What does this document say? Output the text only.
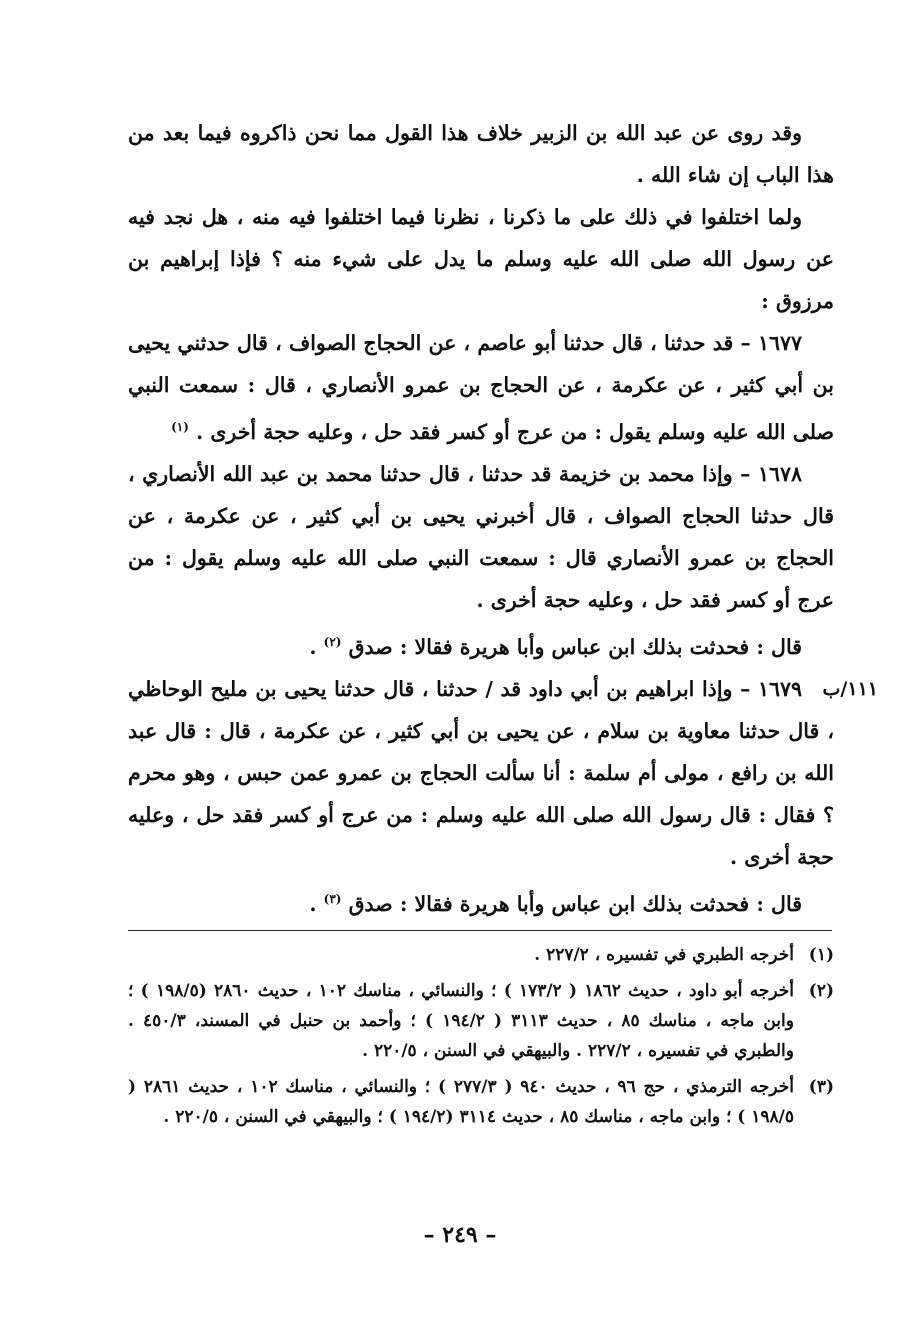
وقد روى عن عبد الله بن الزبير خلاف هذا القول مما نحن ذاكروه فيما بعد من هذا الباب إن شاء الله .

ولما اختلفوا في ذلك على ما ذكرنا ، نظرنا فيما اختلفوا فيه منه ، هل نجد فيه عن رسول الله صلى الله عليه وسلم ما يدل على شيء منه ؟ فإذا إبراهيم بن مرزوق :

١٦٧٧ – قد حدثنا ، قال حدثنا أبو عاصم ، عن الحجاج الصواف ، قال حدثني يحيى بن أبي كثير ، عن عكرمة ، عن الحجاج بن عمرو الأنصاري ، قال : سمعت النبي صلى الله عليه وسلم يقول : من عرج أو كسر فقد حل ، وعليه حجة أخرى . $^{(١)}$

١٦٧٨ – وإذا محمد بن خزيمة قد حدثنا ، قال حدثنا محمد بن عبد الله الأنصاري ، قال حدثنا الحجاج الصواف ، قال أخبرني يحيى بن أبي كثير ، عن عكرمة ، عن الحجاج بن عمرو الأنصاري قال : سمعت النبي صلى الله عليه وسلم يقول : من عرج أو كسر فقد حل ، وعليه حجة أخرى .

قال : فحدثت بذلك ابن عباس وأبا هريرة فقالا : صدق $^{(٢)}$ .

١١١/ب
١٦٧٩ – وإذا ابراهيم بن أبي داود قد / حدثنا ، قال حدثنا يحيى بن مليح الوحاظي ، قال حدثنا معاوية بن سلام ، عن يحيى بن أبي كثير ، عن عكرمة ، قال : قال عبد الله بن رافع ، مولى أم سلمة : أنا سألت الحجاج بن عمرو عمن حبس ، وهو محرم ؟ فقال : قال رسول الله صلى الله عليه وسلم : من عرج أو كسر فقد حل ، وعليه حجة أخرى .

قال : فحدثت بذلك ابن عباس وأبا هريرة فقالا : صدق $^{(٣)}$ .

(١)
أخرجه الطبري في تفسيره ، ٢٢٧/٢ .
(٢)
أخرجه أبو داود ، حديث ١٨٦٢ ( ١٧٣/٢ ) ؛ والنسائي ، مناسك ١٠٢ ، حديث ٢٨٦٠ (١٩٨/٥ ) ؛ وابن ماجه ، مناسك ٨٥ ، حديث ٣١١٣ ( ١٩٤/٢ ) ؛ وأحمد بن حنبل في المسند، ٤٥٠/٣ . والطبري في تفسيره ، ٢٢٧/٢ . والبيهقي في السنن ، ٢٢٠/٥ .
(٣)
أخرجه الترمذي ، حج ٩٦ ، حديث ٩٤٠ ( ٢٧٧/٣ ) ؛ والنسائي ، مناسك ١٠٢ ، حديث ٢٨٦١ ( ١٩٨/٥ ) ؛ وابن ماجه ، مناسك ٨٥ ، حديث ٣١١٤ (١٩٤/٢ ) ؛ والبيهقي في السنن ، ٢٢٠/٥ .
– ٢٤٩ –
